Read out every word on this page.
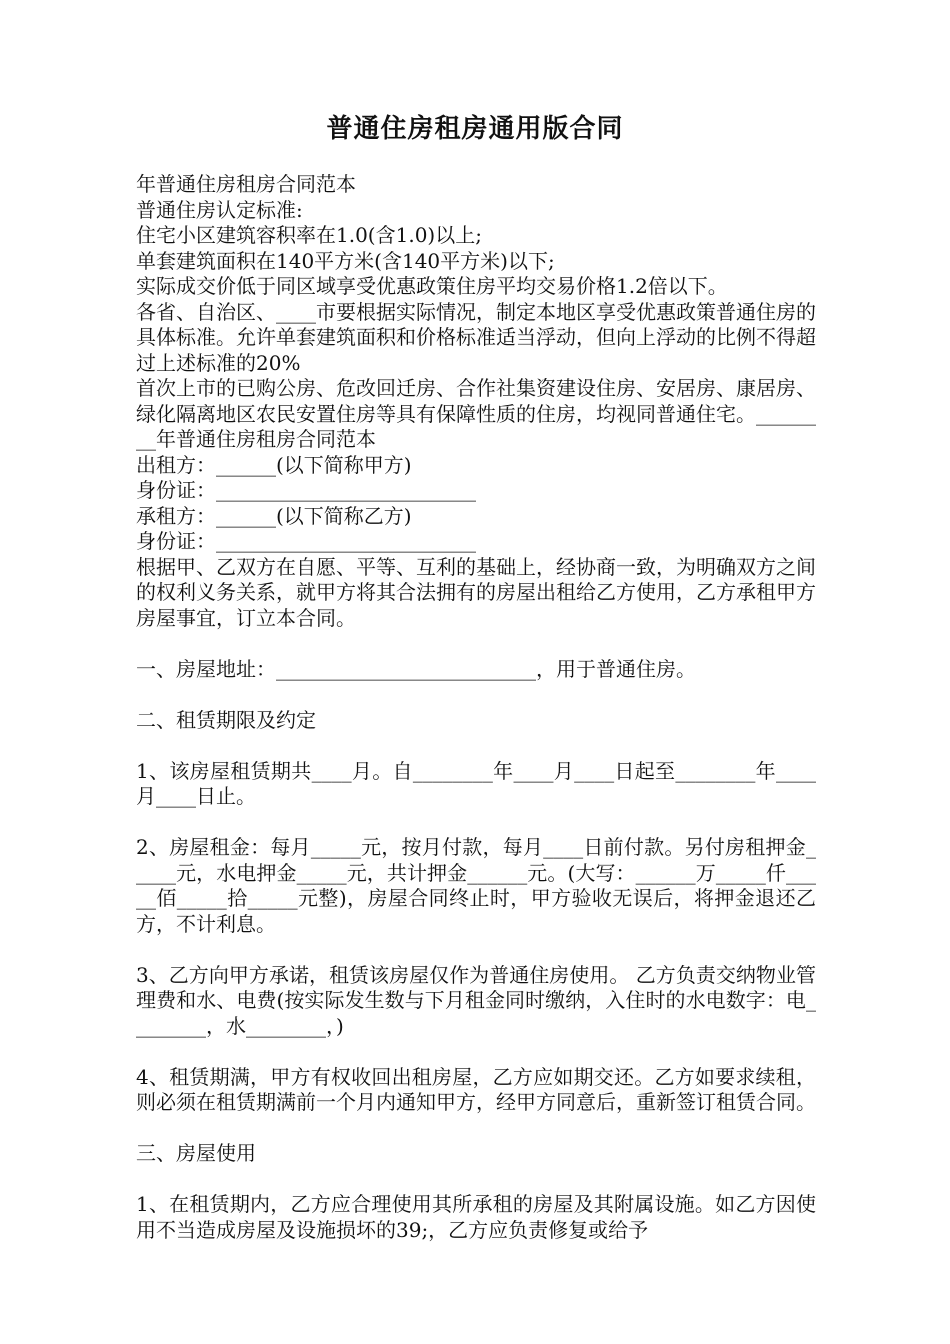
普通住房租房通用版合同

年普通住房租房合同范本

普通住房认定标准:

住宅小区建筑容积率在1.0(含1.0)以上;

单套建筑面积在140平方米(含140平方米)以下;

实际成交价低于同区域享受优惠政策住房平均交易价格1.2倍以下。

各省、自治区、____市要根据实际情况，制定本地区享受优惠政策普通住房的具体标准。允许单套建筑面积和价格标准适当浮动，但向上浮动的比例不得超过上述标准的20%

首次上市的已购公房、危改回迁房、合作社集资建设住房、安居房、康居房、绿化隔离地区农民安置住房等具有保障性质的住房，均视同普通住宅。________年普通住房租房合同范本

出租方：______(以下简称甲方)

身份证：__________________________

承租方：______(以下简称乙方)

身份证：__________________________

根据甲、乙双方在自愿、平等、互利的基础上，经协商一致，为明确双方之间的权利义务关系，就甲方将其合法拥有的房屋出租给乙方使用，乙方承租甲方房屋事宜，订立本合同。

一、房屋地址：__________________________，用于普通住房。

二、租赁期限及约定

1、该房屋租赁期共____月。自________年____月____日起至________年____月____日止。

2、房屋租金：每月_____元，按月付款，每月____日前付款。另付房租押金_____元，水电押金_____元，共计押金______元。(大写：______万_____仟_____佰_____拾_____元整)，房屋合同终止时，甲方验收无误后，将押金退还乙方，不计利息。

3、乙方向甲方承诺，租赁该房屋仅作为普通住房使用。 乙方负责交纳物业管理费和水、电费(按实际发生数与下月租金同时缴纳，入住时的水电数字：电________，水________，)

4、租赁期满，甲方有权收回出租房屋，乙方应如期交还。乙方如要求续租，则必须在租赁期满前一个月内通知甲方，经甲方同意后，重新签订租赁合同。

三、房屋使用

1、在租赁期内，乙方应合理使用其所承租的房屋及其附属设施。如乙方因使用不当造成房屋及设施损坏的39;，乙方应负责修复或给予
